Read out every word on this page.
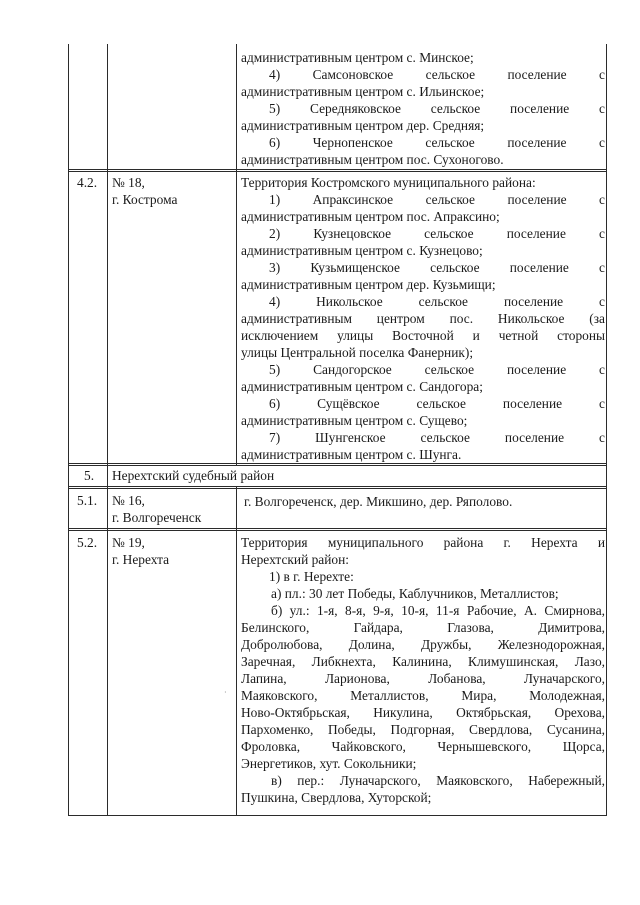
административным центром с. Минское;
4) Самсоновское сельское поселение с
административным центром с. Ильинское;
5) Середняковское сельское поселение с
административным центром дер. Средняя;
6) Чернопенское сельское поселение с
административным центром пос. Сухоногово.
4.2. № 18,
г. Кострома
Территория Костромского муниципального района:
1) Апраксинское сельское поселение с
административным центром пос. Апраксино;
2) Кузнецовское сельское поселение с
административным центром с. Кузнецово;
3) Кузьмищенское сельское поселение с
административным центром дер. Кузьмищи;
4) Никольское сельское поселение с
административным центром пос. Никольское (за
исключением улицы Восточной и четной стороны
улицы Центральной поселка Фанерник);
5) Сандогорское сельское поселение с
административным центром с. Сандогора;
6) Сущёвское сельское поселение с
административным центром с. Сущево;
7) Шунгенское сельское поселение с
административным центром с. Шунга.
5. Нерехтский судебный район
5.1. № 16,
г. Волгореченск
г. Волгореченск, дер. Микшино, дер. Ряполово.
5.2. № 19,
г. Нерехта
Территория муниципального района г. Нерехта и
Нерехтский район:
1) в г. Нерехте:
а) пл.: 30 лет Победы, Каблучников, Металлистов;
б) ул.: 1-я, 8-я, 9-я, 10-я, 11-я Рабочие, А. Смирнова,
Белинского, Гайдара, Глазова, Димитрова,
Добролюбова, Долина, Дружбы, Железнодорожная,
Заречная, Либкнехта, Калинина, Климушинская, Лазо,
Лапина, Ларионова, Лобанова, Луначарского,
Маяковского, Металлистов, Мира, Молодежная,
Ново-Октябрьская, Никулина, Октябрьская, Орехова,
Пархоменко, Победы, Подгорная, Свердлова, Сусанина,
Фроловка, Чайковского, Чернышевского, Щорса,
Энергетиков, хут. Сокольники;
в) пер.: Луначарского, Маяковского, Набережный,
Пушкина, Свердлова, Хуторской;
·
